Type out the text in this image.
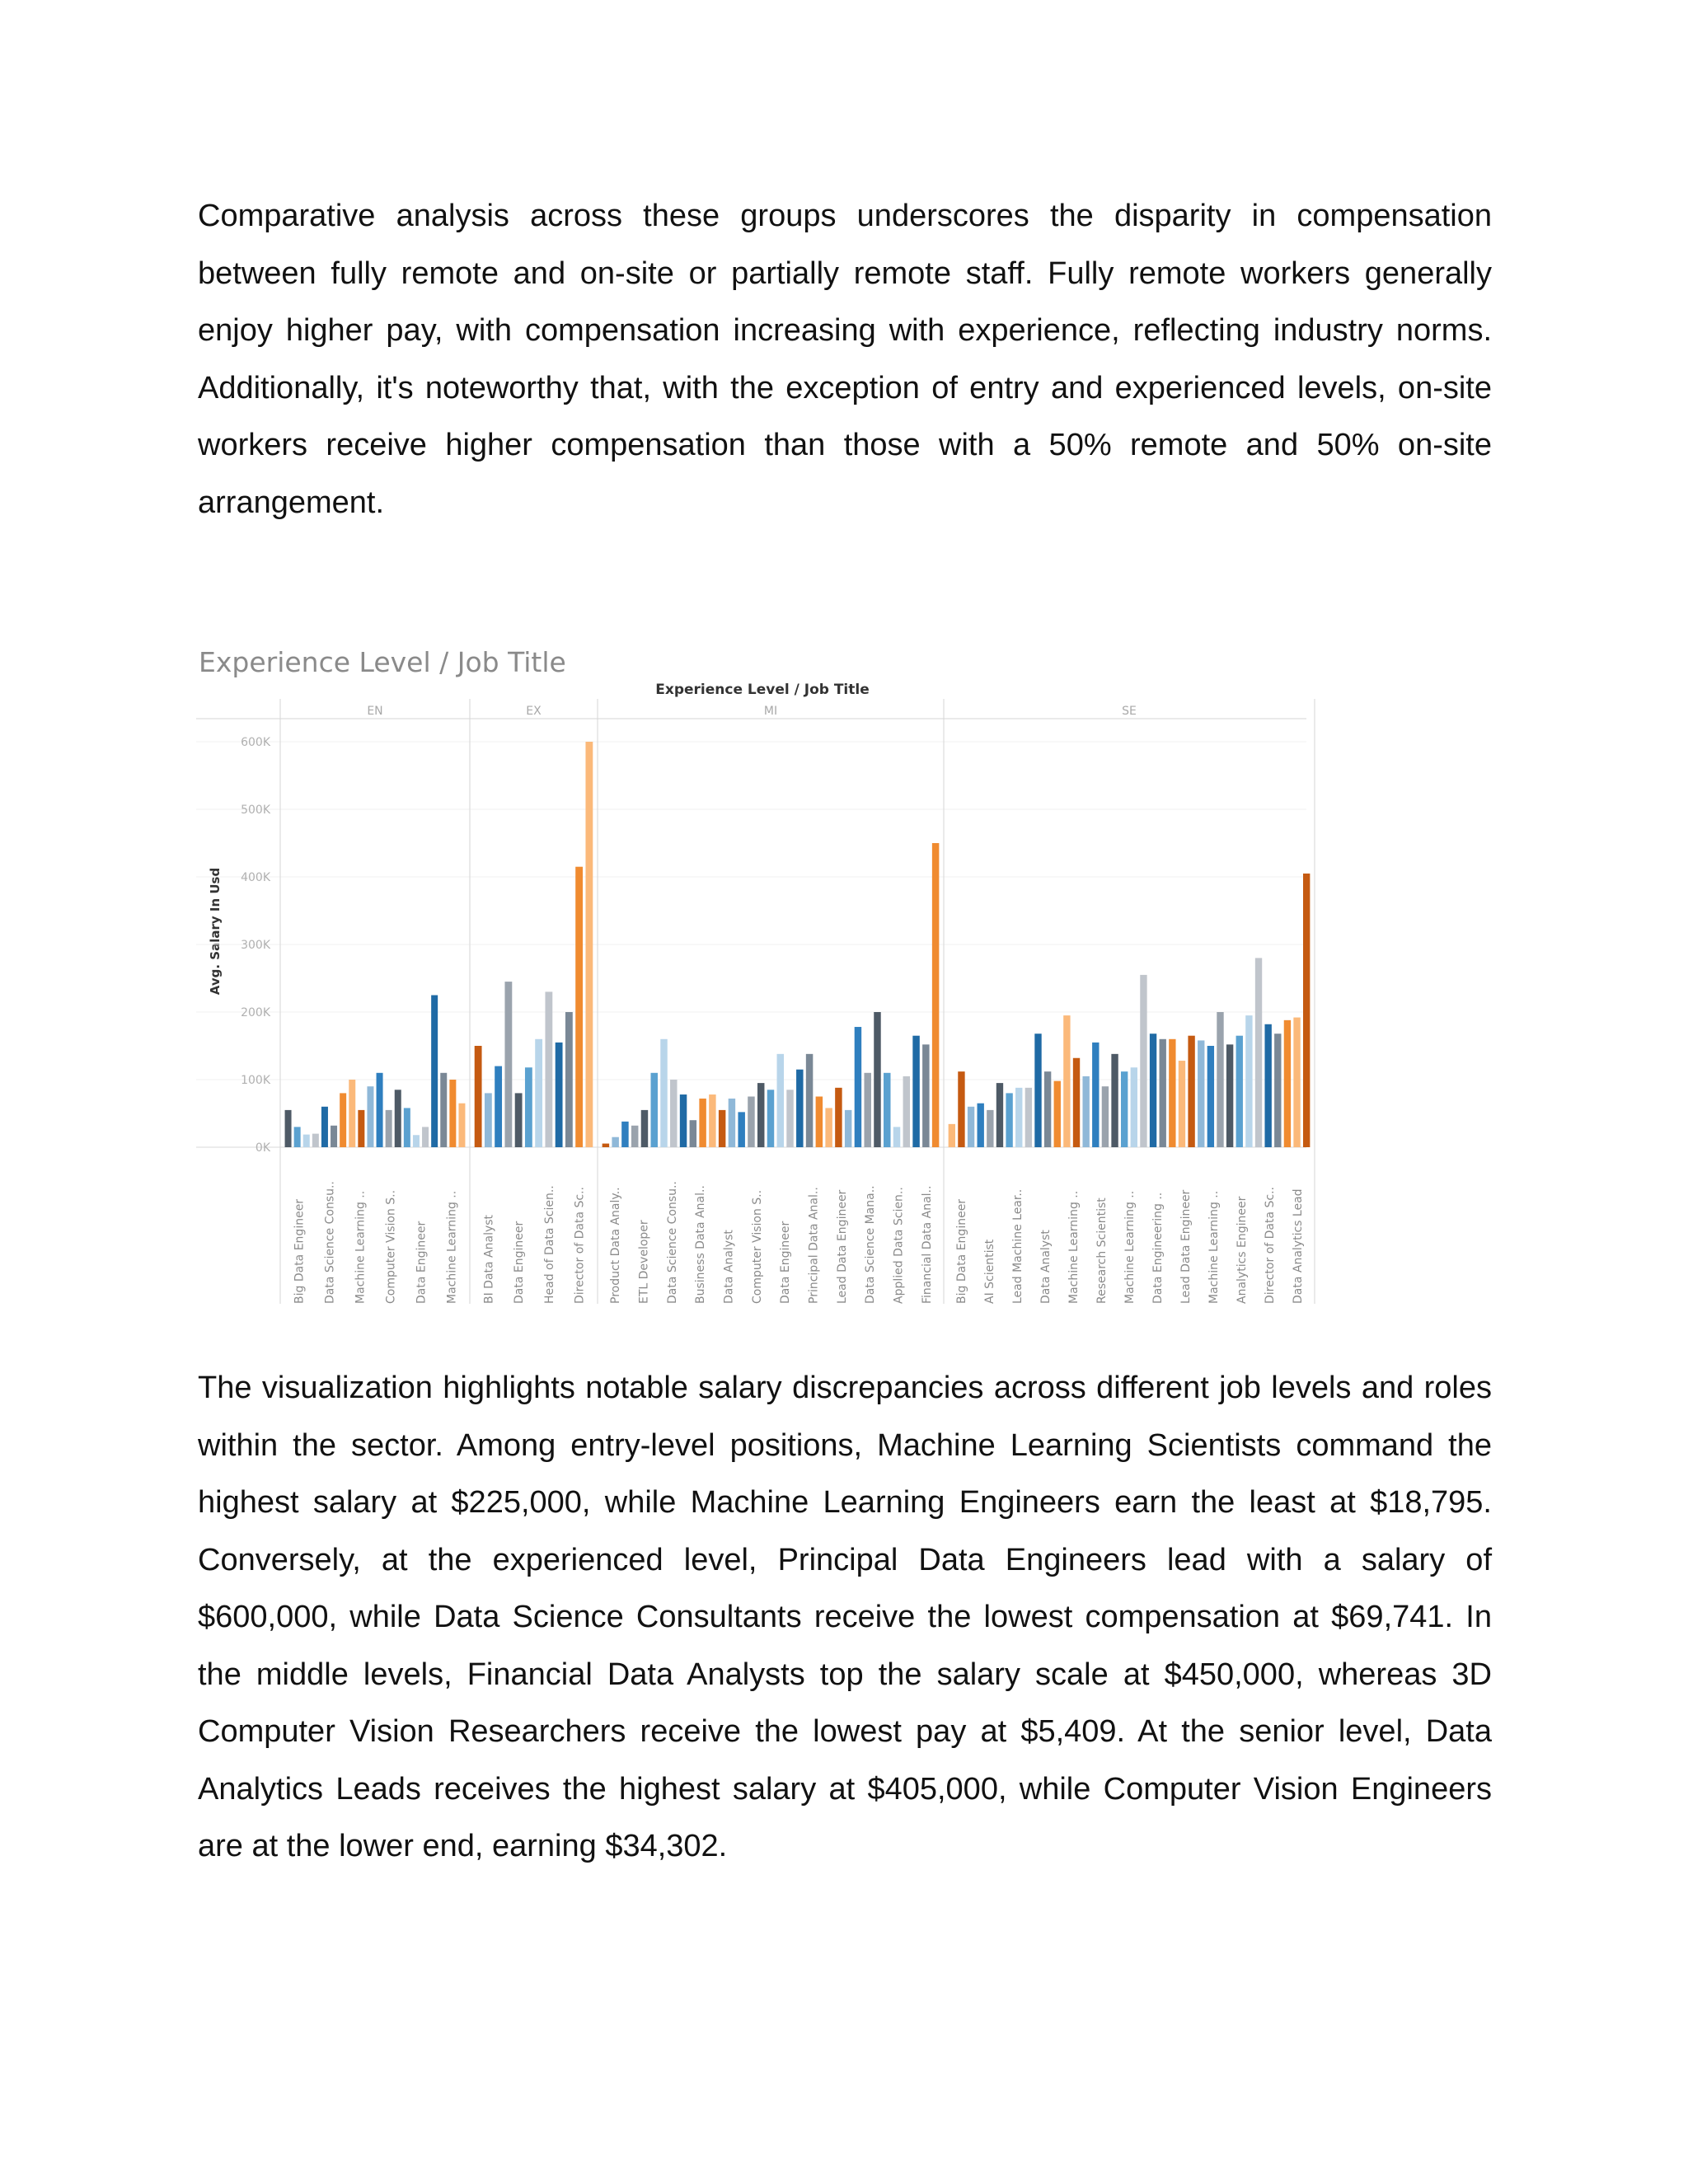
Comparative analysis across these groups underscores the disparity in compensation between fully remote and on-site or partially remote staff. Fully remote workers generally enjoy higher pay, with compensation increasing with experience, reflecting industry norms. Additionally, it's noteworthy that, with the exception of entry and experienced levels, on-site workers receive higher compensation than those with a 50% remote and 50% on-site arrangement.

Experience Level / Job Title
Experience Level / Job Title
Avg. Salary In Usd
0K
100K
200K
300K
400K
500K
600K
EN
Big Data Engineer Data Science Consu.. Machine Learning .. Computer Vision S.. Data Engineer Machine Learning ..
EX
BI Data Analyst Data Engineer Head of Data Scien.. Director of Data Sc..
MI
Product Data Analy.. ETL Developer Data Science Consu.. Business Data Anal.. Data Analyst Computer Vision S.. Data Engineer Principal Data Anal.. Lead Data Engineer Data Science Mana.. Applied Data Scien.. Financial Data Anal..
SE
Big Data Engineer AI Scientist Lead Machine Lear.. Data Analyst Machine Learning .. Research Scientist Machine Learning .. Data Engineering .. Lead Data Engineer Machine Learning .. Analytics Engineer Director of Data Sc.. Data Analytics Lead

The visualization highlights notable salary discrepancies across different job levels and roles within the sector. Among entry-level positions, Machine Learning Scientists command the highest salary at $225,000, while Machine Learning Engineers earn the least at $18,795. Conversely, at the experienced level, Principal Data Engineers lead with a salary of $600,000, while Data Science Consultants receive the lowest compensation at $69,741. In the middle levels, Financial Data Analysts top the salary scale at $450,000, whereas 3D Computer Vision Researchers receive the lowest pay at $5,409. At the senior level, Data Analytics Leads receives the highest salary at $405,000, while Computer Vision Engineers are at the lower end, earning $34,302.
